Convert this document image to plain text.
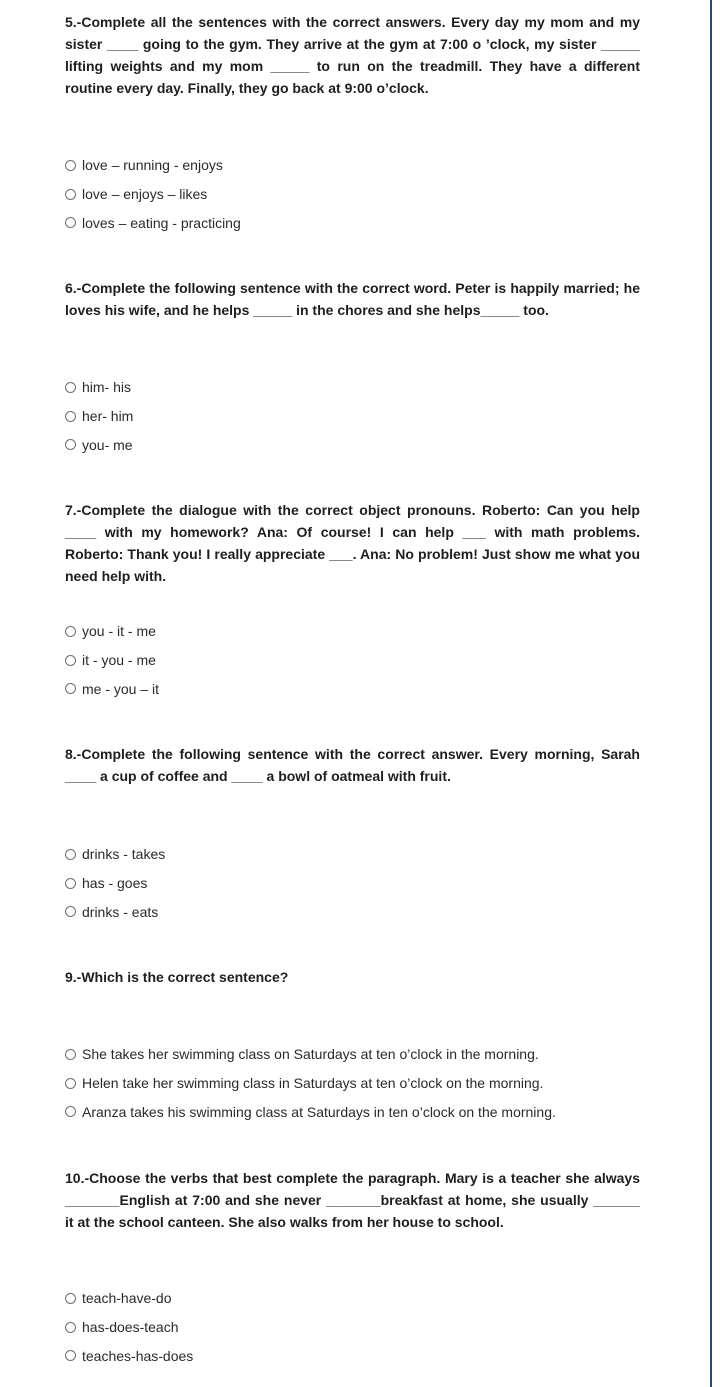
5.-Complete all the sentences with the correct answers. Every day my mom and my sister ____ going to the gym. They arrive at the gym at 7:00 o ’clock, my sister _____ lifting weights and my mom _____ to run on the treadmill. They have a different routine every day. Finally, they go back at 9:00 o’clock.

love – running - enjoys
love – enjoys – likes
loves – eating - practicing

6.-Complete the following sentence with the correct word. Peter is happily married; he loves his wife, and he helps _____ in the chores and she helps_____ too.

him- his
her- him
you- me

7.-Complete the dialogue with the correct object pronouns. Roberto: Can you help ____ with my homework? Ana: Of course! I can help ___ with math problems. Roberto: Thank you! I really appreciate ___. Ana: No problem! Just show me what you need help with.

you - it - me
it - you - me
me - you – it

8.-Complete the following sentence with the correct answer. Every morning, Sarah ____ a cup of coffee and ____ a bowl of oatmeal with fruit.

drinks - takes
has - goes
drinks - eats

9.-Which is the correct sentence?

She takes her swimming class on Saturdays at ten o’clock in the morning.
Helen take her swimming class in Saturdays at ten o’clock on the morning.
Aranza takes his swimming class at Saturdays in ten o’clock on the morning.

10.-Choose the verbs that best complete the paragraph. Mary is a teacher she always _______English at 7:00 and she never _______breakfast at home, she usually ______ it at the school canteen. She also walks from her house to school.

teach-have-do
has-does-teach
teaches-has-does
